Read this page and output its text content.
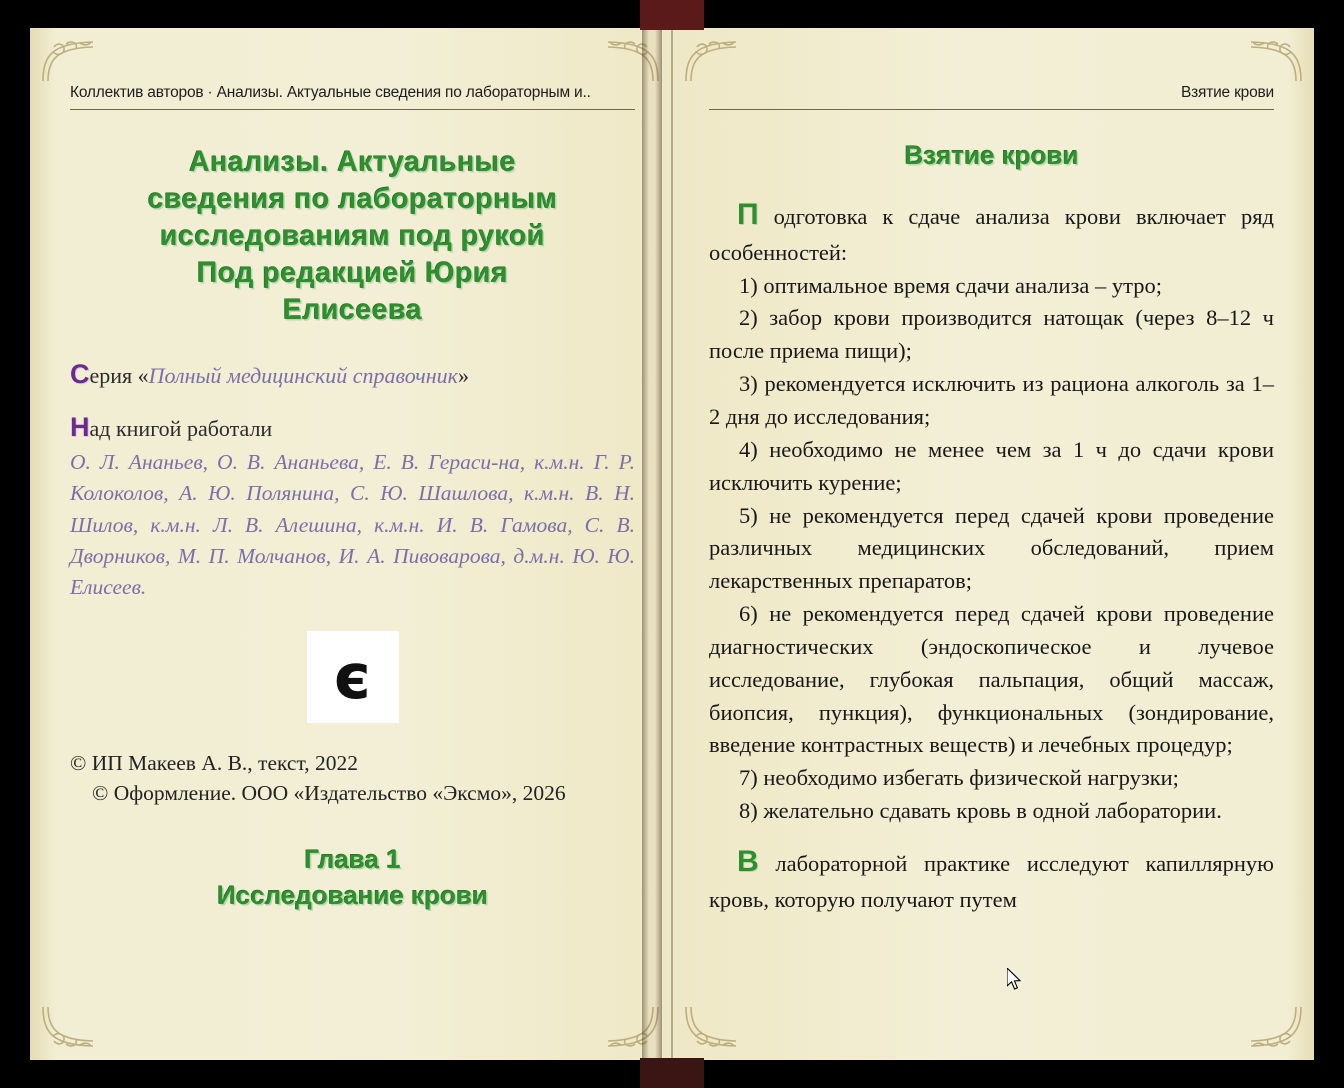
Коллектив авторов · Анализы. Актуальные сведения по лабораторным и..
Анализы. Актуальные
сведения по лабораторным
исследованиям под рукой
Под редакцией Юрия
Елисеева
Серия «Полный медицинский справочник»
Над книгой работали
О. Л. Ананьев, О. В. Ананьева, Е. В. Гераси-на, к.м.н. Г. Р. Колоколов, А. Ю. Полянина, С. Ю. Шашлова, к.м.н. В. Н. Шилов, к.м.н. Л. В. Алешина, к.м.н. И. В. Гамова, С. В. Дворников, М. П. Молчанов, И. А. Пивоварова, д.м.н. Ю. Ю. Елисеев.
э

© ИП Макеев А. В., текст, 2022

© Оформление. ООО «Издательство «Эксмо», 2026

Глава 1
Исследование крови
Взятие крови
Взятие крови

П одготовка к сдаче анализа крови включает ряд особенностей:

1) оптимальное время сдачи анализа – утро;

2) забор крови производится натощак (через 8–12 ч после приема пищи);

3) рекомендуется исключить из рациона алкоголь за 1–2 дня до исследования;

4) необходимо не менее чем за 1 ч до сдачи крови исключить курение;

5) не рекомендуется перед сдачей крови проведение различных медицинских обследований, прием лекарственных препаратов;

6) не рекомендуется перед сдачей крови проведение диагностических (эндоскопическое и лучевое исследование, глубокая пальпация, общий массаж, биопсия, пункция), функциональных (зондирование, введение контрастных веществ) и лечебных процедур;

7) необходимо избегать физической нагрузки;

8) желательно сдавать кровь в одной лаборатории.

В лабораторной практике исследуют капиллярную кровь, которую получают путем
